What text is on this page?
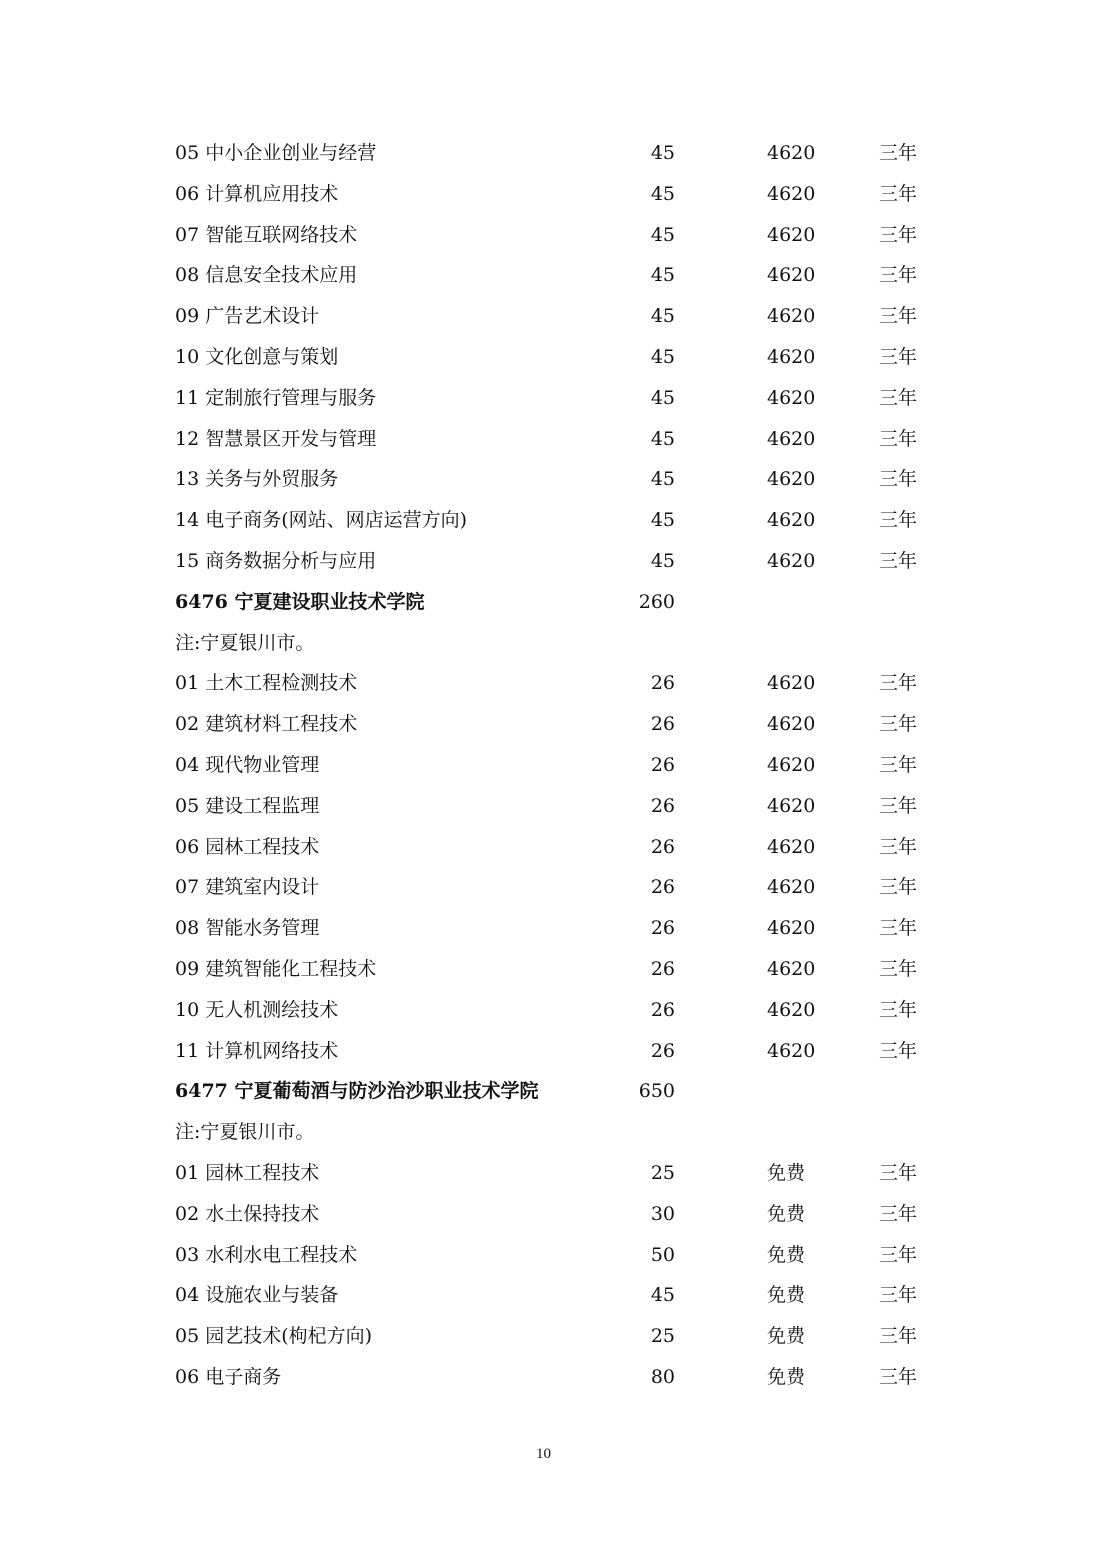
05 中小企业创业与经营	45	4620	三年
06 计算机应用技术	45	4620	三年
07 智能互联网络技术	45	4620	三年
08 信息安全技术应用	45	4620	三年
09 广告艺术设计	45	4620	三年
10 文化创意与策划	45	4620	三年
11 定制旅行管理与服务	45	4620	三年
12 智慧景区开发与管理	45	4620	三年
13 关务与外贸服务	45	4620	三年
14 电子商务(网站、网店运营方向)	45	4620	三年
15 商务数据分析与应用	45	4620	三年
6476 宁夏建设职业技术学院	260
注:宁夏银川市。
01 土木工程检测技术	26	4620	三年
02 建筑材料工程技术	26	4620	三年
04 现代物业管理	26	4620	三年
05 建设工程监理	26	4620	三年
06 园林工程技术	26	4620	三年
07 建筑室内设计	26	4620	三年
08 智能水务管理	26	4620	三年
09 建筑智能化工程技术	26	4620	三年
10 无人机测绘技术	26	4620	三年
11 计算机网络技术	26	4620	三年
6477 宁夏葡萄酒与防沙治沙职业技术学院	650
注:宁夏银川市。
01 园林工程技术	25	免费	三年
02 水土保持技术	30	免费	三年
03 水利水电工程技术	50	免费	三年
04 设施农业与装备	45	免费	三年
05 园艺技术(枸杞方向)	25	免费	三年
06 电子商务	80	免费	三年
10
